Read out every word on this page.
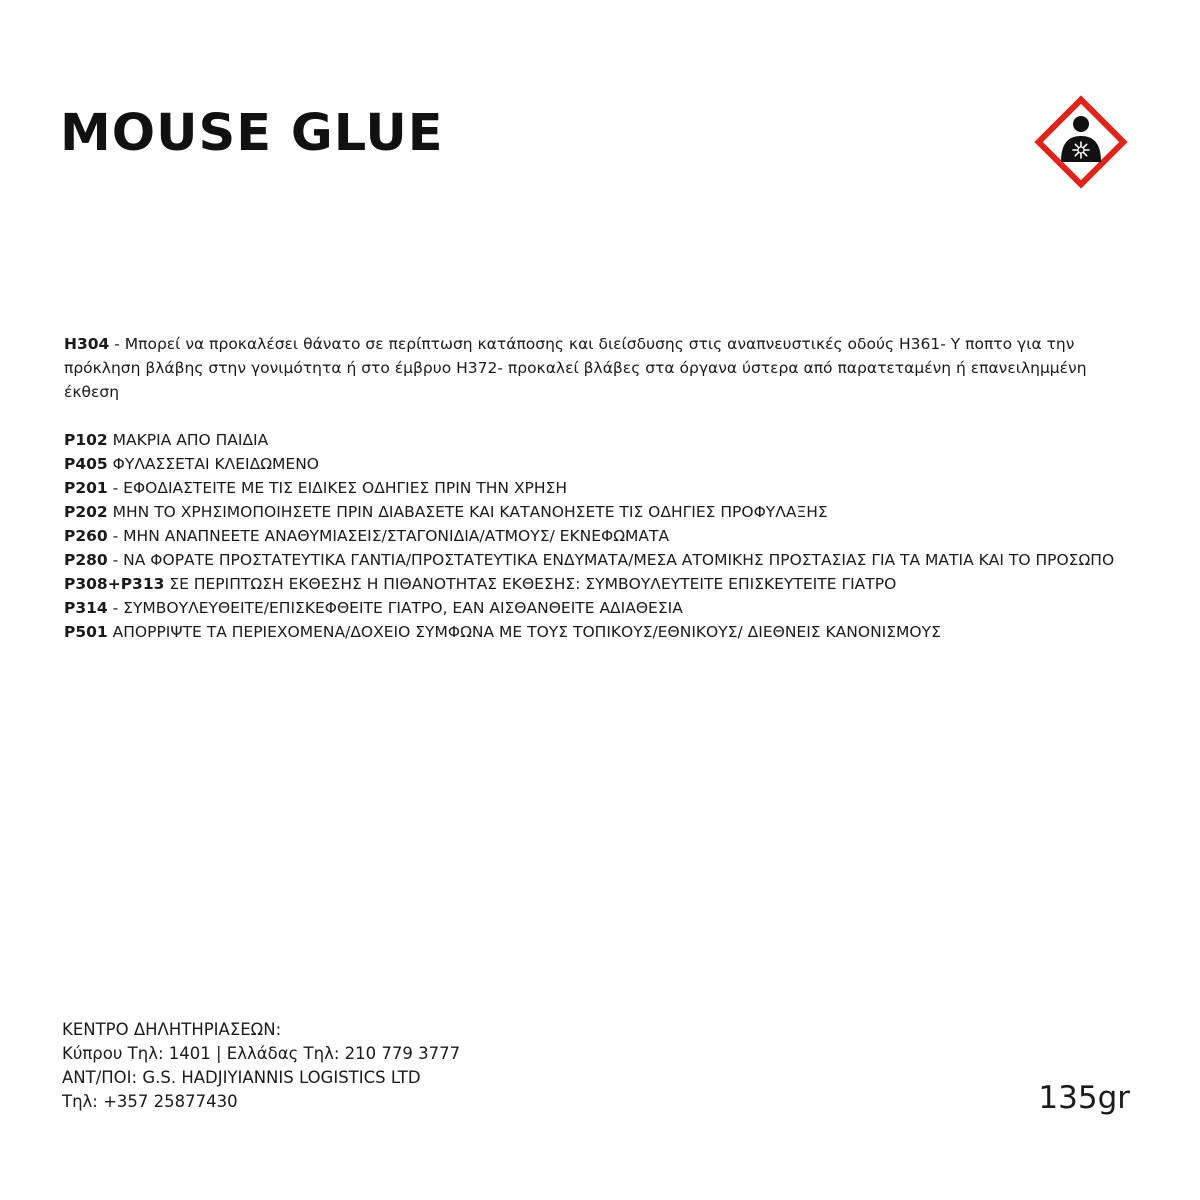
MOUSE GLUE

H304 - Μπορεί να προκαλέσει θάνατο σε περίπτωση κατάποσης και διείσδυσης στις αναπνευστικές οδούς H361- Υ ποπτο για την πρόκληση βλάβης στην γονιμότητα ή στο έμβρυο H372- προκαλεί βλάβες στα όργανα ύστερα από παρατεταμένη ή επανειλημμένη έκθεση

P102 ΜΑΚΡΙΑ ΑΠΟ ΠΑΙΔΙΑ
P405 ΦΥΛΑΣΣΕΤΑΙ ΚΛΕΙΔΩΜΕΝΟ
P201 - ΕΦΟΔΙΑΣΤΕΙΤΕ ΜΕ ΤΙΣ ΕΙΔΙΚΕΣ ΟΔΗΓΙΕΣ ΠΡΙΝ ΤΗΝ ΧΡΗΣΗ
P202 ΜΗΝ ΤΟ ΧΡΗΣΙΜΟΠΟΙΗΣΕΤΕ ΠΡΙΝ ΔΙΑΒΑΣΕΤΕ ΚΑΙ ΚΑΤΑΝΟΗΣΕΤΕ ΤΙΣ ΟΔΗΓΙΕΣ ΠΡΟΦΥΛΑΞΗΣ
P260 - ΜΗΝ ΑΝΑΠΝΕΕΤΕ ΑΝΑΘΥΜΙΑΣΕΙΣ/ΣΤΑΓΟΝΙΔΙΑ/ΑΤΜΟΥΣ/ ΕΚΝΕΦΩΜΑΤΑ
P280 - ΝΑ ΦΟΡΑΤΕ ΠΡΟΣΤΑΤΕΥΤΙΚΑ ΓΑΝΤΙΑ/ΠΡΟΣΤΑΤΕΥΤΙΚΑ ΕΝΔΥΜΑΤΑ/ΜΕΣΑ ΑΤΟΜΙΚΗΣ ΠΡΟΣΤΑΣΙΑΣ ΓΙΑ ΤΑ ΜΑΤΙΑ ΚΑΙ ΤΟ ΠΡΟΣΩΠΟ
P308+P313 ΣΕ ΠΕΡΙΠΤΩΣΗ ΕΚΘΕΣΗΣ Η ΠΙΘΑΝΟΤΗΤΑΣ ΕΚΘΕΣΗΣ: ΣΥΜΒΟΥΛΕΥΤΕΙΤΕ ΕΠΙΣΚΕΥΤΕΙΤΕ ΓΙΑΤΡΟ
P314 - ΣΥΜΒΟΥΛΕΥΘΕΙΤΕ/ΕΠΙΣΚΕΦΘΕΙΤΕ ΓΙΑΤΡΟ, ΕΑΝ ΑΙΣΘΑΝΘΕΙΤΕ ΑΔΙΑΘΕΣΙΑ
P501 ΑΠΟΡΡΙΨΤΕ ΤΑ ΠΕΡΙΕΧΟΜΕΝΑ/ΔΟΧΕΙΟ ΣΥΜΦΩΝΑ ΜΕ ΤΟΥΣ ΤΟΠΙΚΟΥΣ/ΕΘΝΙΚΟΥΣ/ ΔΙΕΘΝΕΙΣ ΚΑΝΟΝΙΣΜΟΥΣ
ΚΕΝΤΡΟ ΔΗΛΗΤΗΡΙΑΣΕΩΝ:
Κύπρου Τηλ: 1401 | Ελλάδας Τηλ: 210 779 3777
ΑΝΤ/ΠΟΙ: G.S. HADJIYIANNIS LOGISTICS LTD
Τηλ: +357 25877430	135gr
